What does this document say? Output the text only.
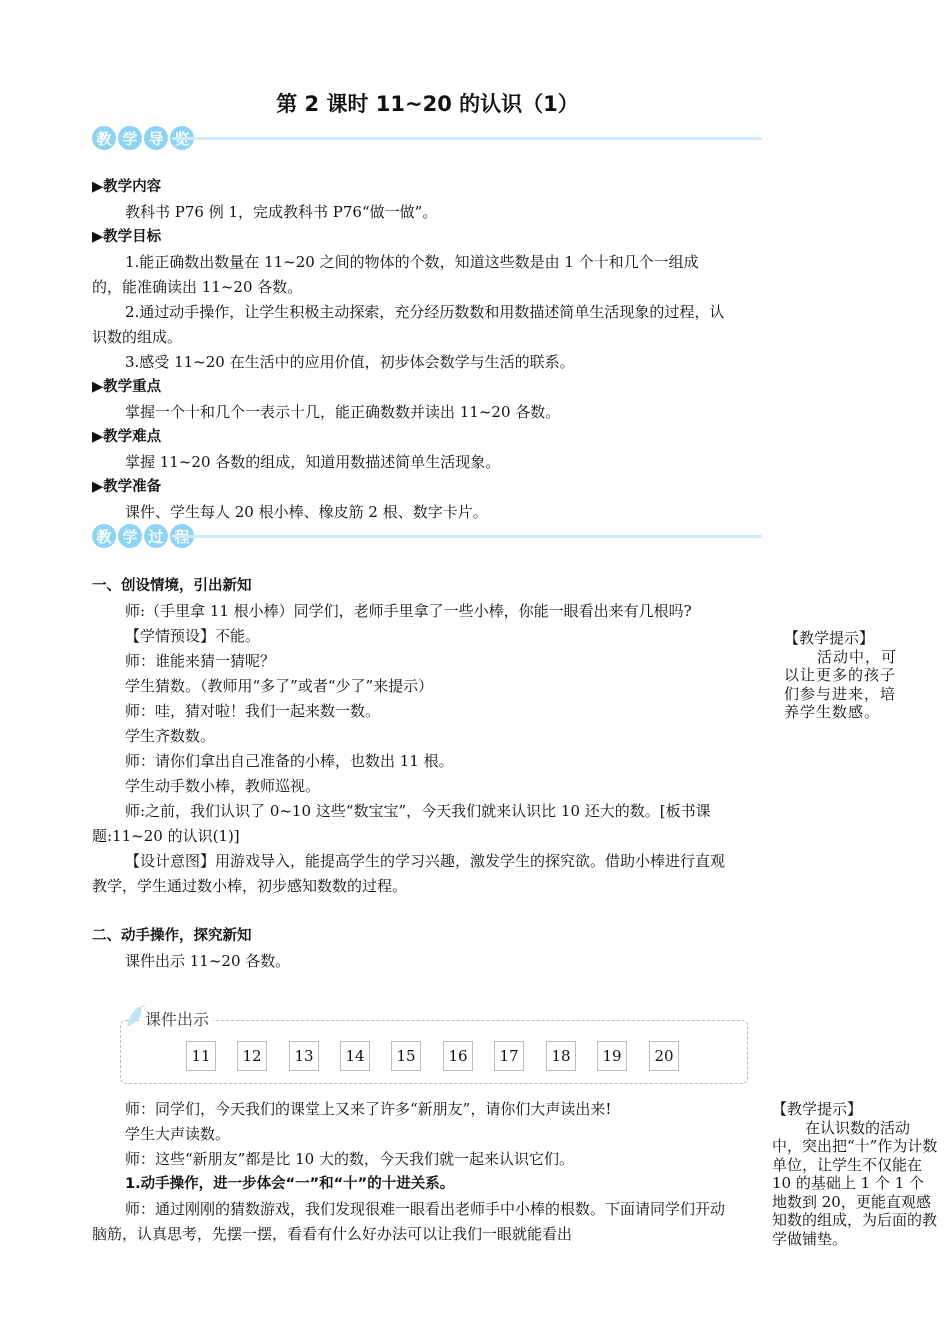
第 2 课时 11~20 的认识（1）
教 学 导
▶教学内容
教科书 P76 例 1，完成教科书 P76“做一做”。
▶教学目标
1.能正确数出数量在 11~20 之间的物体的个数，知道这些数是由 1 个十和几个一组成的，能准确读出 11~20 各数。
2.通过动手操作，让学生积极主动探索，充分经历数数和用数描述简单生活现象的过程，认识数的组成。
3.感受 11~20 在生活中的应用价值，初步体会数学与生活的联系。
▶教学重点
掌握一个十和几个一表示十几，能正确数数并读出 11~20 各数。
▶教学难点
掌握 11~20 各数的组成，知道用数描述简单生活现象。
▶教学准备
课件、学生每人 20 根小棒、橡皮筋 2 根、数字卡片。
教 学 过
一、创设情境，引出新知
师:（手里拿 11 根小棒）同学们，老师手里拿了一些小棒，你能一眼看出来有几根吗?
【学情预设】不能。
师：谁能来猜一猜呢？
学生猜数。（教师用“多了”或者“少了”来提示）
师：哇，猜对啦！我们一起来数一数。
学生齐数数。
师：请你们拿出自己准备的小棒，也数出 11 根。
学生动手数小棒，教师巡视。
师:之前，我们认识了 0~10 这些“数宝宝”，今天我们就来认识比 10 还大的数。[板书课题:11~20 的认识(1)]
【设计意图】用游戏导入，能提高学生的学习兴趣，激发学生的探究欲。借助小棒进行直观教学，学生通过数小棒，初步感知数数的过程。
二、动手操作，探究新知
课件出示 11~20 各数。
课件出示
11	12	13	14	15	16	17	18	19	20
师：同学们，今天我们的课堂上又来了许多“新朋友”，请你们大声读出来!
学生大声读数。
师：这些“新朋友”都是比 10 大的数，今天我们就一起来认识它们。
1.动手操作，进一步体会“一”和“十”的十进关系。
师：通过刚刚的猜数游戏，我们发现很难一眼看出老师手中小棒的根数。下面请同学们开动脑筋，认真思考，先摆一摆，看看有什么好办法可以让我们一眼就能看出
【教学提示】
活动中，可以让更多的孩子们参与进来，培养学生数感。
【教学提示】
在认识数的活动中，突出把“十”作为计数单位，让学生不仅能在 10 的基础上 1 个 1 个地数到 20，更能直观感知数的组成，为后面的教学做铺垫。
